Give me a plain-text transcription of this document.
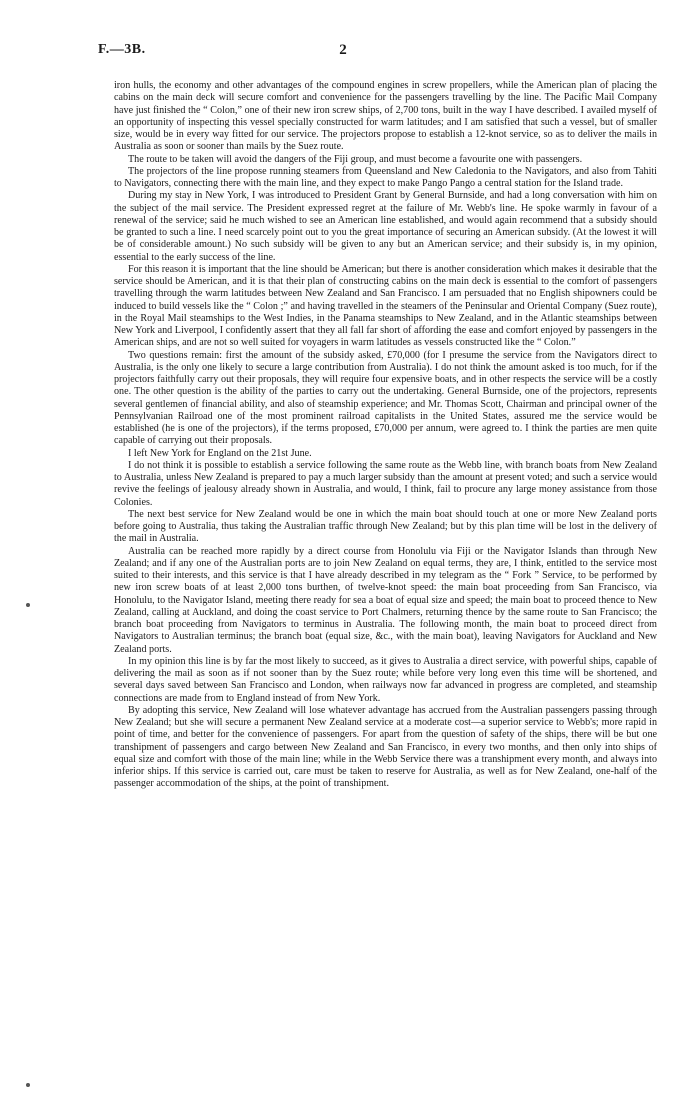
F.—3B.	2

iron hulls, the economy and other advantages of the compound engines in screw propellers, while the American plan of placing the cabins on the main deck will secure comfort and convenience for the passengers travelling by the line. The Pacific Mail Company have just finished the “ Colon,” one of their new iron screw ships, of 2,700 tons, built in the way I have described. I availed myself of an opportunity of inspecting this vessel specially constructed for warm latitudes; and I am satisfied that such a vessel, but of smaller size, would be in every way fitted for our service. The projectors propose to establish a 12-knot service, so as to deliver the mails in Australia as soon or sooner than mails by the Suez route.

The route to be taken will avoid the dangers of the Fiji group, and must become a favourite one with passengers.

The projectors of the line propose running steamers from Queensland and New Caledonia to the Navigators, and also from Tahiti to Navigators, connecting there with the main line, and they expect to make Pango Pango a central station for the Island trade.

During my stay in New York, I was introduced to President Grant by General Burnside, and had a long conversation with him on the subject of the mail service. The President expressed regret at the failure of Mr. Webb's line. He spoke warmly in favour of a renewal of the service; said he much wished to see an American line established, and would again recommend that a subsidy should be granted to such a line. I need scarcely point out to you the great importance of securing an American subsidy. (At the lowest it will be of considerable amount.) No such subsidy will be given to any but an American service; and their subsidy is, in my opinion, essential to the early success of the line.

For this reason it is important that the line should be American; but there is another consideration which makes it desirable that the service should be American, and it is that their plan of constructing cabins on the main deck is essential to the comfort of passengers travelling through the warm latitudes between New Zealand and San Francisco. I am persuaded that no English shipowners could be induced to build vessels like the “ Colon ;” and having travelled in the steamers of the Peninsular and Oriental Company (Suez route), in the Royal Mail steamships to the West Indies, in the Panama steamships to New Zealand, and in the Atlantic steamships between New York and Liverpool, I confidently assert that they all fall far short of affording the ease and comfort enjoyed by passengers in the American ships, and are not so well suited for voyagers in warm latitudes as vessels constructed like the “ Colon.”

Two questions remain: first the amount of the subsidy asked, £70,000 (for I presume the service from the Navigators direct to Australia, is the only one likely to secure a large contribution from Australia). I do not think the amount asked is too much, for if the projectors faithfully carry out their proposals, they will require four expensive boats, and in other respects the service will be a costly one. The other question is the ability of the parties to carry out the undertaking. General Burnside, one of the projectors, represents several gentlemen of financial ability, and also of steamship experience; and Mr. Thomas Scott, Chairman and principal owner of the Pennsylvanian Railroad one of the most prominent railroad capitalists in the United States, assured me the service would be established (he is one of the projectors), if the terms proposed, £70,000 per annum, were agreed to. I think the parties are men quite capable of carrying out their proposals.

I left New York for England on the 21st June.

I do not think it is possible to establish a service following the same route as the Webb line, with branch boats from New Zealand to Australia, unless New Zealand is prepared to pay a much larger subsidy than the amount at present voted; and such a service would revive the feelings of jealousy already shown in Australia, and would, I think, fail to procure any large money assistance from those Colonies.

The next best service for New Zealand would be one in which the main boat should touch at one or more New Zealand ports before going to Australia, thus taking the Australian traffic through New Zealand; but by this plan time will be lost in the delivery of the mail in Australia.

Australia can be reached more rapidly by a direct course from Honolulu via Fiji or the Navigator Islands than through New Zealand; and if any one of the Australian ports are to join New Zealand on equal terms, they are, I think, entitled to the service most suited to their interests, and this service is that I have already described in my telegram as the “ Fork ” Service, to be performed by new iron screw boats of at least 2,000 tons burthen, of twelve-knot speed: the main boat proceeding from San Francisco, via Honolulu, to the Navigator Island, meeting there ready for sea a boat of equal size and speed; the main boat to proceed thence to New Zealand, calling at Auckland, and doing the coast service to Port Chalmers, returning thence by the same route to San Francisco; the branch boat proceeding from Navigators to terminus in Australia. The following month, the main boat to proceed direct from Navigators to Australian terminus; the branch boat (equal size, &c., with the main boat), leaving Navigators for Auckland and New Zealand ports.

In my opinion this line is by far the most likely to succeed, as it gives to Australia a direct service, with powerful ships, capable of delivering the mail as soon as if not sooner than by the Suez route; while before very long even this time will be shortened, and several days saved between San Francisco and London, when railways now far advanced in progress are completed, and steamship connections are made from to England instead of from New York.

By adopting this service, New Zealand will lose whatever advantage has accrued from the Australian passengers passing through New Zealand; but she will secure a permanent New Zealand service at a moderate cost—a superior service to Webb's; more rapid in point of time, and better for the convenience of passengers. For apart from the question of safety of the ships, there will be but one transhipment of passengers and cargo between New Zealand and San Francisco, in every two months, and then only into ships of equal size and comfort with those of the main line; while in the Webb Service there was a transhipment every month, and always into inferior ships. If this service is carried out, care must be taken to reserve for Australia, as well as for New Zealand, one-half of the passenger accommodation of the ships, at the point of transhipment.
